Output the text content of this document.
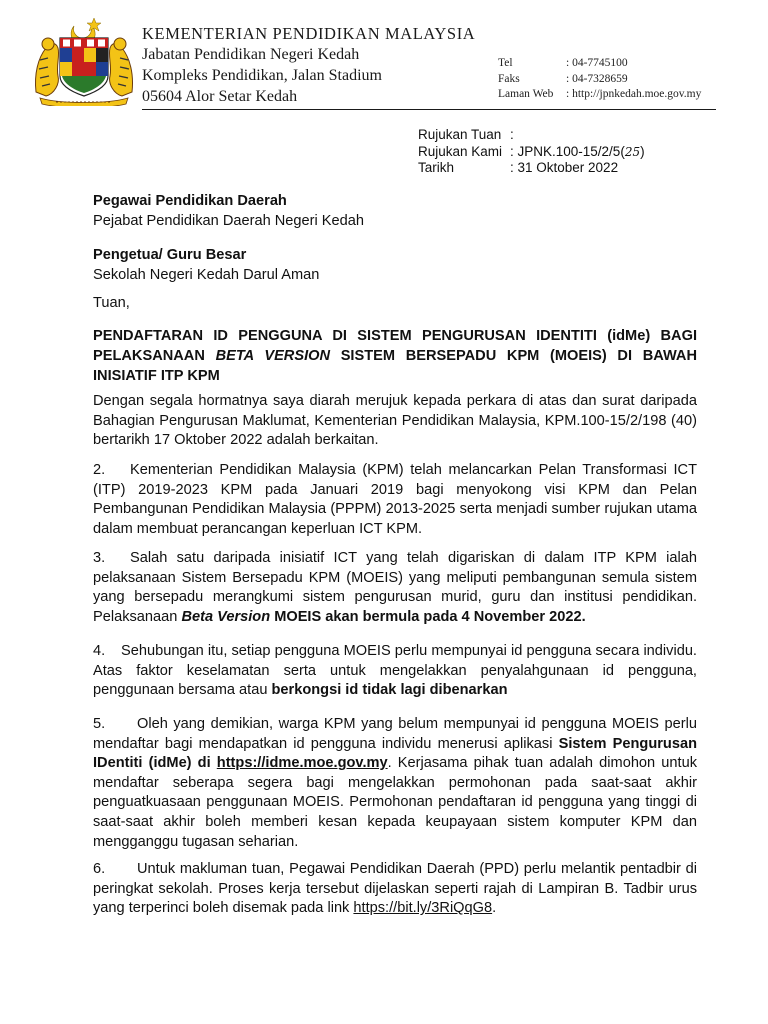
KEMENTERIAN PENDIDIKAN MALAYSIA
Jabatan Pendidikan Negeri Kedah
Kompleks Pendidikan, Jalan Stadium
05604 Alor Setar Kedah
Tel	: 04-7745100
Faks	: 04-7328659
Laman Web	: http://jpnkedah.moe.gov.my
Rujukan Tuan :
Rujukan Kami : JPNK.100-15/2/5(25)
Tarikh	: 31 Oktober 2022
Pegawai Pendidikan Daerah
Pejabat Pendidikan Daerah Negeri Kedah
Pengetua/ Guru Besar
Sekolah Negeri Kedah Darul Aman
Tuan,
PENDAFTARAN ID PENGGUNA DI SISTEM PENGURUSAN IDENTITI (idMe) BAGI
PELAKSANAAN BETA VERSION SISTEM BERSEPADU KPM (MOEIS) DI BAWAH
INISIATIF ITP KPM
Dengan segala hormatnya saya diarah merujuk kepada perkara di atas dan surat daripada Bahagian Pengurusan Maklumat, Kementerian Pendidikan Malaysia, KPM.100-15/2/198 (40) bertarikh 17 Oktober 2022 adalah berkaitan.
2. Kementerian Pendidikan Malaysia (KPM) telah melancarkan Pelan Transformasi ICT (ITP) 2019-2023 KPM pada Januari 2019 bagi menyokong visi KPM dan Pelan Pembangunan Pendidikan Malaysia (PPPM) 2013-2025 serta menjadi sumber rujukan utama dalam membuat perancangan keperluan ICT KPM.
3. Salah satu daripada inisiatif ICT yang telah digariskan di dalam ITP KPM ialah pelaksanaan Sistem Bersepadu KPM (MOEIS) yang meliputi pembangunan semula sistem yang bersepadu merangkumi sistem pengurusan murid, guru dan institusi pendidikan. Pelaksanaan Beta Version MOEIS akan bermula pada 4 November 2022.
4. Sehubungan itu, setiap pengguna MOEIS perlu mempunyai id pengguna secara individu. Atas faktor keselamatan serta untuk mengelakkan penyalahgunaan id pengguna, penggunaan bersama atau berkongsi id tidak lagi dibenarkan
5. Oleh yang demikian, warga KPM yang belum mempunyai id pengguna MOEIS perlu mendaftar bagi mendapatkan id pengguna individu menerusi aplikasi Sistem Pengurusan IDentiti (idMe) di https://idme.moe.gov.my. Kerjasama pihak tuan adalah dimohon untuk mendaftar seberapa segera bagi mengelakkan permohonan pada saat-saat akhir penguatkuasaan penggunaan MOEIS. Permohonan pendaftaran id pengguna yang tinggi di saat-saat akhir boleh memberi kesan kepada keupayaan sistem komputer KPM dan mengganggu tugasan seharian.
6. Untuk makluman tuan, Pegawai Pendidikan Daerah (PPD) perlu melantik pentadbir di peringkat sekolah. Proses kerja tersebut dijelaskan seperti rajah di Lampiran B. Tadbir urus yang terperinci boleh disemak pada link https://bit.ly/3RiQqG8.
